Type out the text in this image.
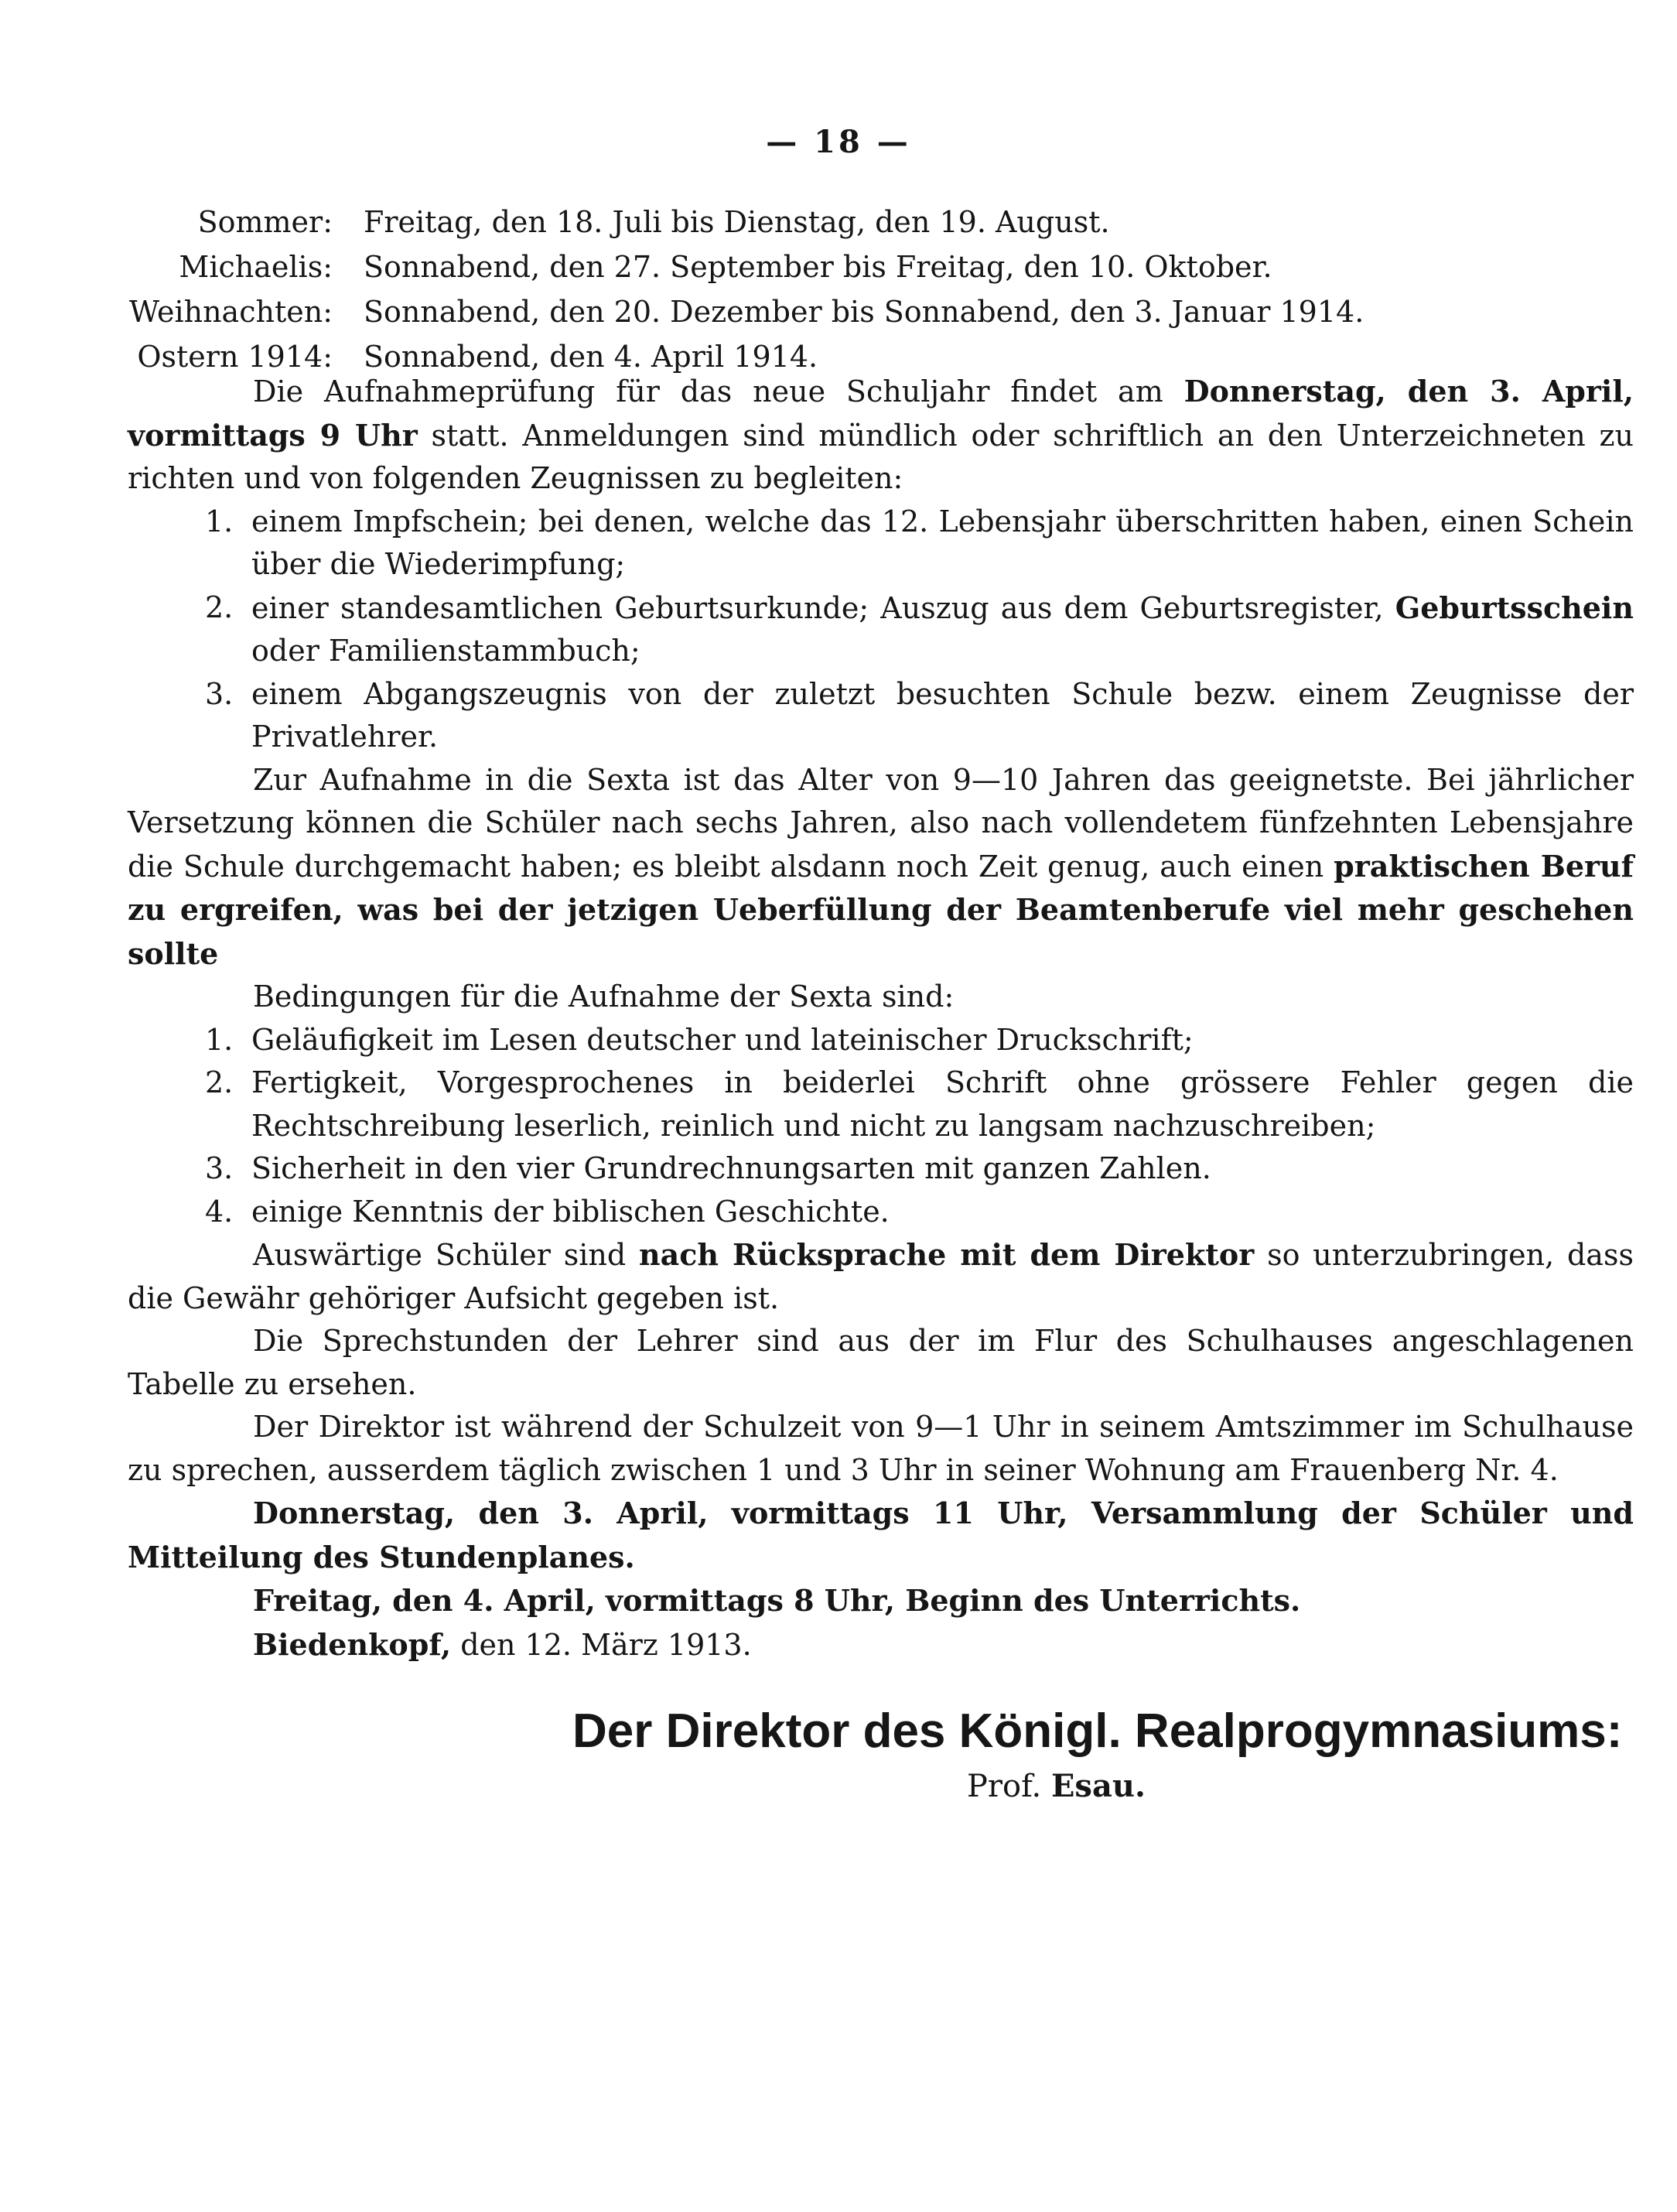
— 18 —
Sommer:	Freitag, den 18. Juli bis Dienstag, den 19. August.
Michaelis:	Sonnabend, den 27. September bis Freitag, den 10. Oktober.
Weihnachten:	Sonnabend, den 20. Dezember bis Sonnabend, den 3. Januar 1914.
Ostern 1914:	Sonnabend, den 4. April 1914.

Die Aufnahmeprüfung für das neue Schuljahr findet am Donnerstag, den 3. April, vormittags 9 Uhr statt. Anmeldungen sind mündlich oder schriftlich an den Unterzeichneten zu richten und von folgenden Zeugnissen zu begleiten:

1. einem Impfschein; bei denen, welche das 12. Lebensjahr überschritten haben, einen Schein über die Wiederimpfung;
2. einer standesamtlichen Geburtsurkunde; Auszug aus dem Geburtsregister, Geburtsschein oder Familienstammbuch;
3. einem Abgangszeugnis von der zuletzt besuchten Schule bezw. einem Zeugnisse der Privatlehrer.

Zur Aufnahme in die Sexta ist das Alter von 9—10 Jahren das geeignetste. Bei jährlicher Versetzung können die Schüler nach sechs Jahren, also nach vollendetem fünfzehnten Lebensjahre die Schule durchgemacht haben; es bleibt alsdann noch Zeit genug, auch einen praktischen Beruf zu ergreifen, was bei der jetzigen Ueberfüllung der Beamtenberufe viel mehr geschehen sollte

Bedingungen für die Aufnahme der Sexta sind:

1. Geläufigkeit im Lesen deutscher und lateinischer Druckschrift;
2. Fertigkeit, Vorgesprochenes in beiderlei Schrift ohne grössere Fehler gegen die Rechtschreibung leserlich, reinlich und nicht zu langsam nachzuschreiben;
3. Sicherheit in den vier Grundrechnungsarten mit ganzen Zahlen.
4. einige Kenntnis der biblischen Geschichte.

Auswärtige Schüler sind nach Rücksprache mit dem Direktor so unterzubringen, dass die Gewähr gehöriger Aufsicht gegeben ist.

Die Sprechstunden der Lehrer sind aus der im Flur des Schulhauses angeschlagenen Tabelle zu ersehen.

Der Direktor ist während der Schulzeit von 9—1 Uhr in seinem Amtszimmer im Schulhause zu sprechen, ausserdem täglich zwischen 1 und 3 Uhr in seiner Wohnung am Frauenberg Nr. 4.

Donnerstag, den 3. April, vormittags 11 Uhr, Versammlung der Schüler und Mitteilung des Stundenplanes.

Freitag, den 4. April, vormittags 8 Uhr, Beginn des Unterrichts.

Biedenkopf, den 12. März 1913.

Der Direktor des Königl. Realprogymnasiums:
Prof. Esau.
